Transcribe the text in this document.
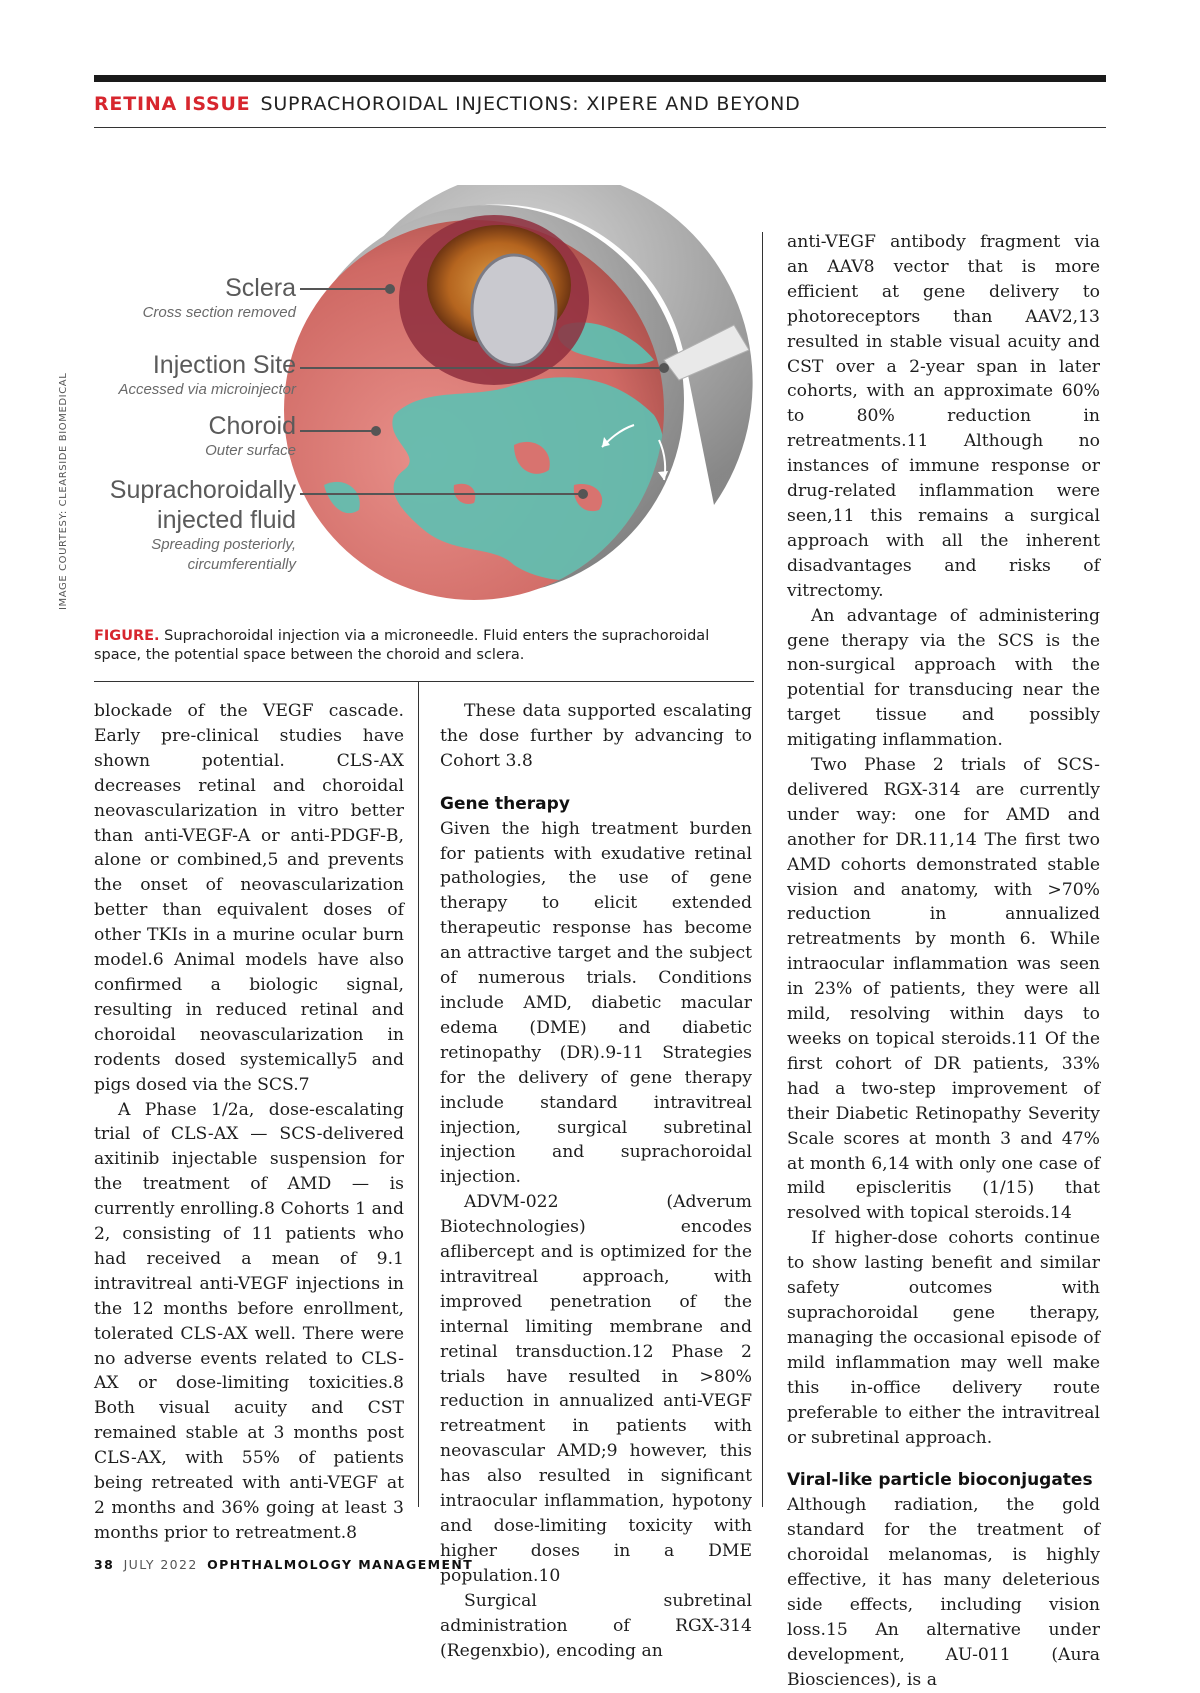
RETINA ISSUE SUPRACHOROIDAL INJECTIONS: XIPERE AND BEYOND
IMAGE COURTESY: CLEARSIDE BIOMEDICAL
Sclera
Cross section removed
Injection Site
Accessed via microinjector
Choroid
Outer surface
Suprachoroidally
injected fluid
Spreading posteriorly,
circumferentially
FIGURE. Suprachoroidal injection via a microneedle. Fluid enters the suprachoroidal space, the potential space between the choroid and sclera.

blockade of the VEGF cascade. Early pre-clinical studies have shown potential. CLS-AX decreases retinal and choroidal neovascularization in vitro better than anti-VEGF-A or anti-PDGF-B, alone or combined,5 and prevents the onset of neovascularization better than equivalent doses of other TKIs in a murine ocular burn model.6 Animal models have also confirmed a biologic signal, resulting in reduced retinal and choroidal neovascularization in rodents dosed systemically5 and pigs dosed via the SCS.7

A Phase 1/2a, dose-escalating trial of CLS-AX — SCS-delivered axitinib injectable suspension for the treatment of AMD — is currently enrolling.8 Cohorts 1 and 2, consisting of 11 patients who had received a mean of 9.1 intravitreal anti-VEGF injections in the 12 months before enrollment, tolerated CLS-AX well. There were no adverse events related to CLS-AX or dose-limiting toxicities.8 Both visual acuity and CST remained stable at 3 months post CLS-AX, with 55% of patients being retreated with anti-VEGF at 2 months and 36% going at least 3 months prior to retreatment.8

These data supported escalating the dose further by advancing to Cohort 3.8

Gene therapy

Given the high treatment burden for patients with exudative retinal pathologies, the use of gene therapy to elicit extended therapeutic response has become an attractive target and the subject of numerous trials. Conditions include AMD, diabetic macular edema (DME) and diabetic retinopathy (DR).9-11 Strategies for the delivery of gene therapy include standard intravitreal injection, surgical subretinal injection and suprachoroidal injection.

ADVM-022 (Adverum Biotechnologies) encodes aflibercept and is optimized for the intravitreal approach, with improved penetration of the internal limiting membrane and retinal transduction.12 Phase 2 trials have resulted in >80% reduction in annualized anti-VEGF retreatment in patients with neovascular AMD;9 however, this has also resulted in significant intraocular inflammation, hypotony and dose-limiting toxicity with higher doses in a DME population.10

Surgical subretinal administration of RGX-314 (Regenxbio), encoding an

anti-VEGF antibody fragment via an AAV8 vector that is more efficient at gene delivery to photoreceptors than AAV2,13 resulted in stable visual acuity and CST over a 2-year span in later cohorts, with an approximate 60% to 80% reduction in retreatments.11 Although no instances of immune response or drug-related inflammation were seen,11 this remains a surgical approach with all the inherent disadvantages and risks of vitrectomy.

An advantage of administering gene therapy via the SCS is the non-surgical approach with the potential for transducing near the target tissue and possibly mitigating inflammation.

Two Phase 2 trials of SCS-delivered RGX-314 are currently under way: one for AMD and another for DR.11,14 The first two AMD cohorts demonstrated stable vision and anatomy, with >70% reduction in annualized retreatments by month 6. While intraocular inflammation was seen in 23% of patients, they were all mild, resolving within days to weeks on topical steroids.11 Of the first cohort of DR patients, 33% had a two-step improvement of their Diabetic Retinopathy Severity Scale scores at month 3 and 47% at month 6,14 with only one case of mild episcleritis (1/15) that resolved with topical steroids.14

If higher-dose cohorts continue to show lasting benefit and similar safety outcomes with suprachoroidal gene therapy, managing the occasional episode of mild inflammation may well make this in-office delivery route preferable to either the intravitreal or subretinal approach.

Viral-like particle bioconjugates

Although radiation, the gold standard for the treatment of choroidal melanomas, is highly effective, it has many deleterious side effects, including vision loss.15 An alternative under development, AU-011 (Aura Biosciences), is a

38 JULY 2022 OPHTHALMOLOGY MANAGEMENT
